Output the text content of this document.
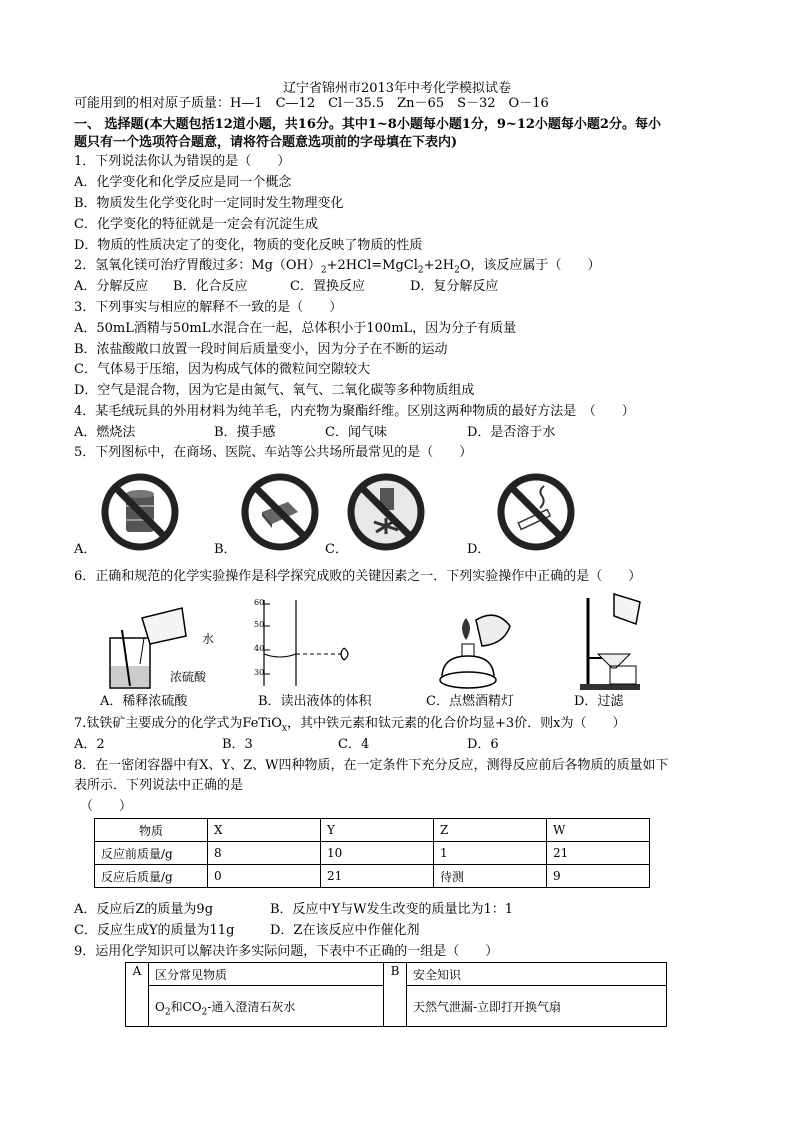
辽宁省锦州市2013年中考化学模拟试卷
可能用到的相对原子质量：H—1　C—12　Cl－35.5　Zn－65　S－32　O－16
一、 选择题(本大题包括12道小题，共16分。其中1~8小题每小题1分，9~12小题每小题2分。每小
题只有一个选项符合题意，请将符合题意选项前的字母填在下表内)
1．下列说法你认为错误的是（　　）
A．化学变化和化学反应是同一个概念
B．物质发生化学变化时一定同时发生物理变化
C．化学变化的特征就是一定会有沉淀生成
D．物质的性质决定了的变化，物质的变化反映了物质的性质
2．氢氧化镁可治疗胃酸过多：$Mg(OH)_2+2HCl=MgCl_2+2H_2O$，该反应属于（　　）
A．分解反应 B．化合反应	C．置换反应	D．复分解反应
3．下列事实与相应的解释不一致的是（　　）
A．50mL酒精与50mL水混合在一起，总体积小于100mL，因为分子有质量
B．浓盐酸敞口放置一段时间后质量变小，因为分子在不断的运动
C．气体易于压缩，因为构成气体的微粒间空隙较大
D．空气是混合物，因为它是由氮气、氧气、二氧化碳等多种物质组成
4．某毛绒玩具的外用材料为纯羊毛，内充物为聚酯纤维。区别这两种物质的最好方法是　（　　）
A．燃烧法	B．摸手感	C．闻气味	D．是否溶于水
5．下列图标中，在商场、医院、车站等公共场所最常见的是（　　）
A．	B．	C．	D．
6．正确和规范的化学实验操作是科学探究成败的关键因素之一．下列实验操作中正确的是（　　）
水
浓硫酸
60
50
40
30
A．稀释浓硫酸	B．读出液体的体积	C．点燃酒精灯	D．过滤
7.钛铁矿主要成分的化学式为FeTiO$_x$，其中铁元素和钛元素的化合价均显+3价．则x为（　　）
A．2	B．3	C．4	D．6
8．在一密闭容器中有X、Y、Z、W四种物质，在一定条件下充分反应，测得反应前后各物质的质量如下
表所示．下列说法中正确的是
（　　）
物质	X	Y	Z	W
反应前质量/g	8	10	1	21
反应后质量/g	0	21	待测	9
A．反应后Z的质量为9g	B．反应中Y与W发生改变的质量比为1：1
C．反应生成Y的质量为11g	D．Z在该反应中作催化剂
9．运用化学知识可以解决许多实际问题，下表中不正确的一组是（　　）
A	区分常见物质	B	安全知识
	$O_2$和$CO_2-$通入澄清石灰水		天然气泄漏-立即打开换气扇
